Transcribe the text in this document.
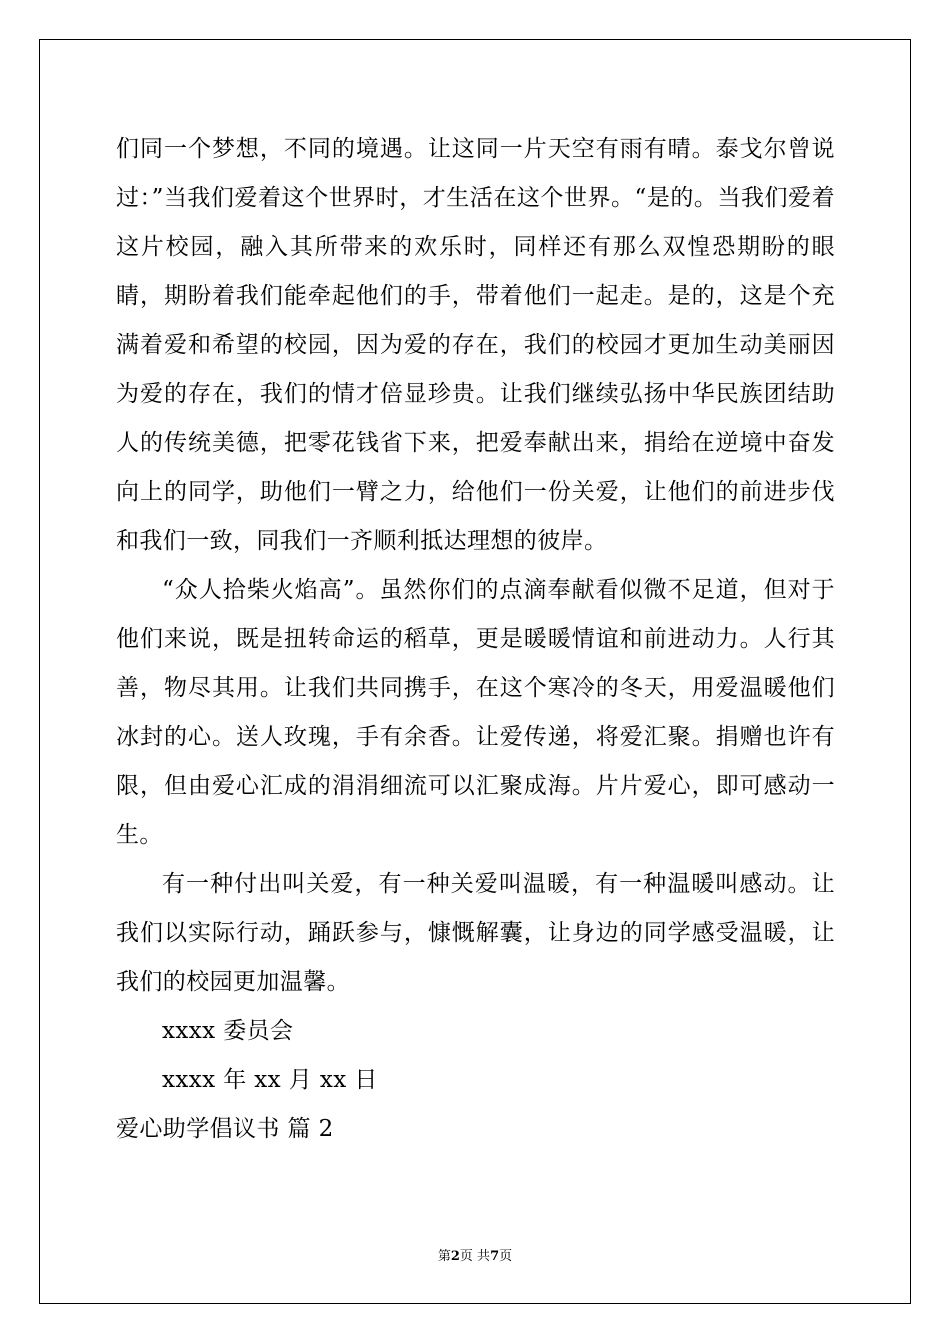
们同一个梦想，不同的境遇。让这同一片天空有雨有晴。泰戈尔曾说过：”当我们爱着这个世界时，才生活在这个世界。“是的。当我们爱着这片校园，融入其所带来的欢乐时，同样还有那么双惶恐期盼的眼睛，期盼着我们能牵起他们的手，带着他们一起走。是的，这是个充满着爱和希望的校园，因为爱的存在，我们的校园才更加生动美丽因为爱的存在，我们的情才倍显珍贵。让我们继续弘扬中华民族团结助人的传统美德，把零花钱省下来，把爱奉献出来，捐给在逆境中奋发向上的同学，助他们一臂之力，给他们一份关爱，让他们的前进步伐和我们一致，同我们一齐顺利抵达理想的彼岸。

“众人拾柴火焰高”。虽然你们的点滴奉献看似微不足道，但对于他们来说，既是扭转命运的稻草，更是暖暖情谊和前进动力。人行其善，物尽其用。让我们共同携手，在这个寒冷的冬天，用爱温暖他们冰封的心。送人玫瑰，手有余香。让爱传递，将爱汇聚。捐赠也许有限，但由爱心汇成的涓涓细流可以汇聚成海。片片爱心，即可感动一生。

有一种付出叫关爱，有一种关爱叫温暖，有一种温暖叫感动。让我们以实际行动，踊跃参与，慷慨解囊，让身边的同学感受温暖，让我们的校园更加温馨。

xxxx 委员会

xxxx 年 xx 月 xx 日

爱心助学倡议书 篇 2

第2页 共7页
